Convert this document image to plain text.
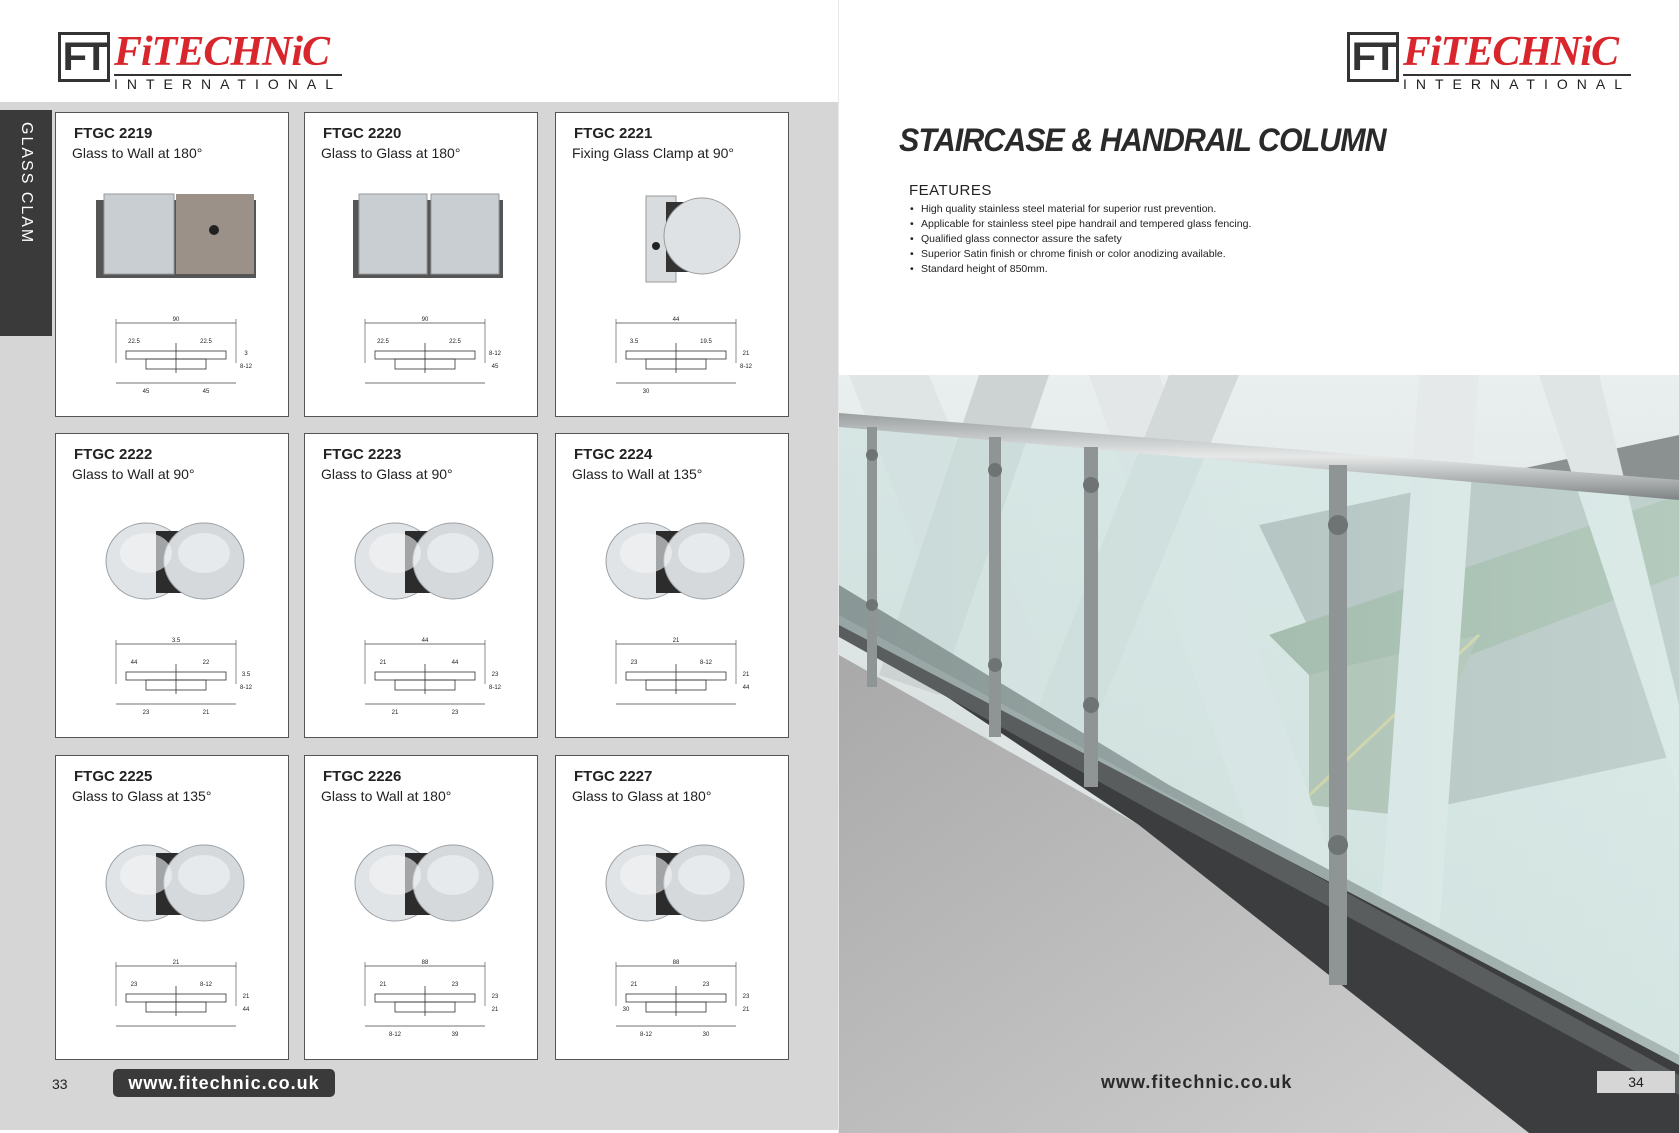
FT FiTECHNiC
INTERNATIONAL
GLASS CLAM	FTGC 2219
Glass to Wall at 180°
90
22.5	22.5
3
8-12
45	45
FTGC 2220
Glass to Glass at 180°
90
22.5	22.5
8-12
45
FTGC 2221
Fixing Glass Clamp at 90°
44
3.5	19.5
21
8-12
30
FTGC 2222
Glass to Wall at 90°
3.5
44	22
3.5
8-12
23	21
FTGC 2223
Glass to Glass at 90°
44
21	44
23
8-12
21	23
FTGC 2224
Glass to Wall at 135°
21
23	8-12
21
44
FTGC 2225
Glass to Glass at 135°
21
23	8-12
21
44
FTGC 2226
Glass to Wall at 180°
88
21	23
23
21
8-12	39
FTGC 2227
Glass to Glass at 180°
88
21	23
23
21
8-12	30
30
33	www.fitechnic.co.uk
FT FiTECHNiC
INTERNATIONAL
STAIRCASE & HANDRAIL COLUMN
FEATURES
• High quality stainless steel material for superior rust prevention.
• Applicable for stainless steel pipe handrail and tempered glass fencing.
• Qualified glass connector assure the safety
• Superior Satin finish or chrome finish or color anodizing available.
• Standard height of 850mm.
www.fitechnic.co.uk	34
